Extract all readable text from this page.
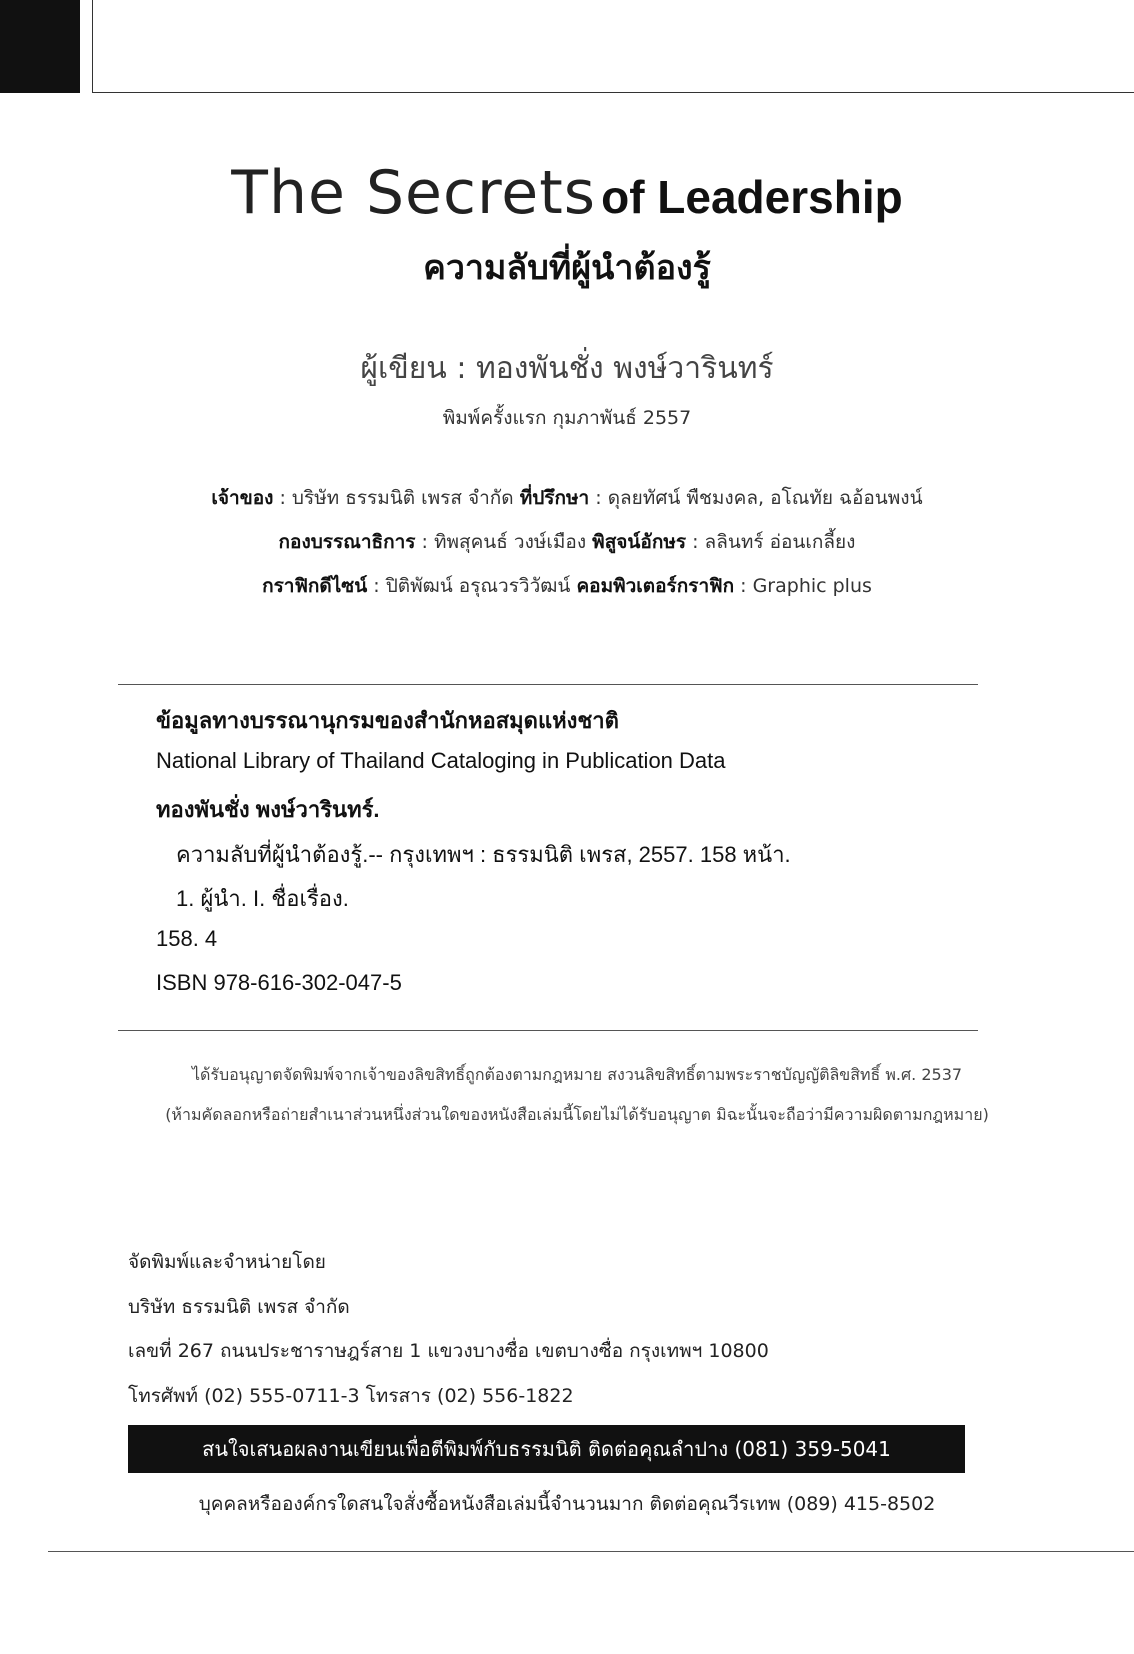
The Secrets of Leadership
ความลับที่ผู้นำต้องรู้
ผู้เขียน : ทองพันชั่ง พงษ์วารินทร์
พิมพ์ครั้งแรก กุมภาพันธ์ 2557
เจ้าของ : บริษัท ธรรมนิติ เพรส จำกัด ที่ปรึกษา : ดุลยทัศน์ พืชมงคล, อโณทัย ฉอ้อนพงน์
กองบรรณาธิการ : ทิพสุคนธ์ วงษ์เมือง พิสูจน์อักษร : ลลินทร์ อ่อนเกลี้ยง
กราฟิกดีไซน์ : ปิติพัฒน์ อรุณวรวิวัฒน์ คอมพิวเตอร์กราฟิก : Graphic plus
ข้อมูลทางบรรณานุกรมของสำนักหอสมุดแห่งชาติ
National Library of Thailand Cataloging in Publication Data
ทองพันชั่ง พงษ์วารินทร์.
ความลับที่ผู้นำต้องรู้.-- กรุงเทพฯ : ธรรมนิติ เพรส, 2557. 158 หน้า.
1. ผู้นำ. I. ชื่อเรื่อง.
158. 4
ISBN 978-616-302-047-5
ได้รับอนุญาตจัดพิมพ์จากเจ้าของลิขสิทธิ์ถูกต้องตามกฎหมาย สงวนลิขสิทธิ์ตามพระราชบัญญัติลิขสิทธิ์ พ.ศ. 2537
(ห้ามคัดลอกหรือถ่ายสำเนาส่วนหนึ่งส่วนใดของหนังสือเล่มนี้โดยไม่ได้รับอนุญาต มิฉะนั้นจะถือว่ามีความผิดตามกฎหมาย)
จัดพิมพ์และจำหน่ายโดย
บริษัท ธรรมนิติ เพรส จำกัด
เลขที่ 267 ถนนประชาราษฎร์สาย 1 แขวงบางซื่อ เขตบางซื่อ กรุงเทพฯ 10800
โทรศัพท์ (02) 555-0711-3 โทรสาร (02) 556-1822
สนใจเสนอผลงานเขียนเพื่อตีพิมพ์กับธรรมนิติ ติดต่อคุณลำปาง (081) 359-5041
บุคคลหรือองค์กรใดสนใจสั่งซื้อหนังสือเล่มนี้จำนวนมาก ติดต่อคุณวีรเทพ (089) 415-8502
